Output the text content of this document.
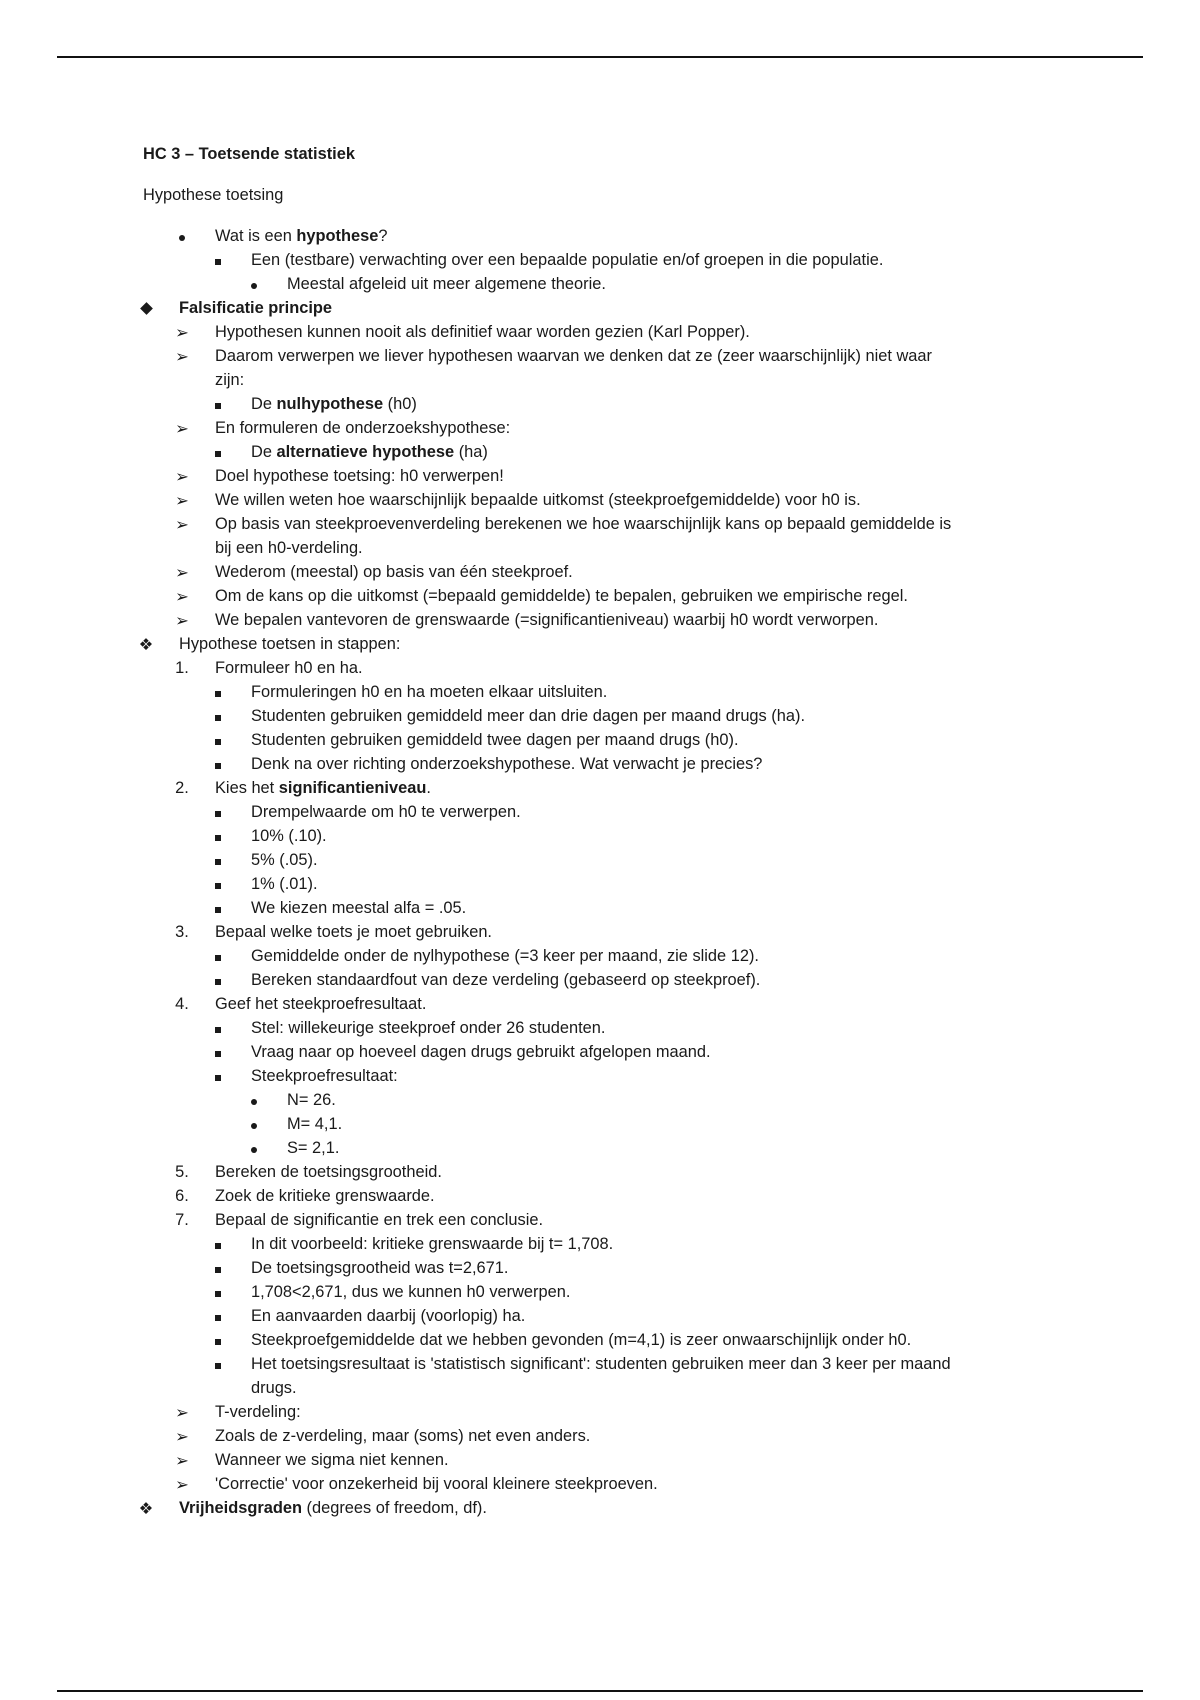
HC 3 – Toetsende statistiek
Hypothese toetsing
Wat is een hypothese?
Een (testbare) verwachting over een bepaalde populatie en/of groepen in die populatie.
Meestal afgeleid uit meer algemene theorie.
Falsificatie principe
➢ Hypothesen kunnen nooit als definitief waar worden gezien (Karl Popper).
➢ Daarom verwerpen we liever hypothesen waarvan we denken dat ze (zeer waarschijnlijk) niet waar
zijn:
De nulhypothese (h0)
➢ En formuleren de onderzoekshypothese:
De alternatieve hypothese (ha)
➢ Doel hypothese toetsing: h0 verwerpen!
➢ We willen weten hoe waarschijnlijk bepaalde uitkomst (steekproefgemiddelde) voor h0 is.
➢ Op basis van steekproevenverdeling berekenen we hoe waarschijnlijk kans op bepaald gemiddelde is
bij een h0-verdeling.
➢ Wederom (meestal) op basis van één steekproef.
➢ Om de kans op die uitkomst (=bepaald gemiddelde) te bepalen, gebruiken we empirische regel.
➢ We bepalen vantevoren de grenswaarde (=significantieniveau) waarbij h0 wordt verworpen.
❖ Hypothese toetsen in stappen:
1. Formuleer h0 en ha.
Formuleringen h0 en ha moeten elkaar uitsluiten.
Studenten gebruiken gemiddeld meer dan drie dagen per maand drugs (ha).
Studenten gebruiken gemiddeld twee dagen per maand drugs (h0).
Denk na over richting onderzoekshypothese. Wat verwacht je precies?
2. Kies het significantieniveau.
Drempelwaarde om h0 te verwerpen.
10% (.10).
5% (.05).
1% (.01).
We kiezen meestal alfa = .05.
3. Bepaal welke toets je moet gebruiken.
Gemiddelde onder de nylhypothese (=3 keer per maand, zie slide 12).
Bereken standaardfout van deze verdeling (gebaseerd op steekproef).
4. Geef het steekproefresultaat.
Stel: willekeurige steekproef onder 26 studenten.
Vraag naar op hoeveel dagen drugs gebruikt afgelopen maand.
Steekproefresultaat:
N= 26.
M= 4,1.
S= 2,1.
5. Bereken de toetsingsgrootheid.
6. Zoek de kritieke grenswaarde.
7. Bepaal de significantie en trek een conclusie.
In dit voorbeeld: kritieke grenswaarde bij t= 1,708.
De toetsingsgrootheid was t=2,671.
1,708<2,671, dus we kunnen h0 verwerpen.
En aanvaarden daarbij (voorlopig) ha.
Steekproefgemiddelde dat we hebben gevonden (m=4,1) is zeer onwaarschijnlijk onder h0.
Het toetsingsresultaat is 'statistisch significant': studenten gebruiken meer dan 3 keer per maand
drugs.
➢ T-verdeling:
➢ Zoals de z-verdeling, maar (soms) net even anders.
➢ Wanneer we sigma niet kennen.
➢ 'Correctie' voor onzekerheid bij vooral kleinere steekproeven.
❖ Vrijheidsgraden (degrees of freedom, df).
